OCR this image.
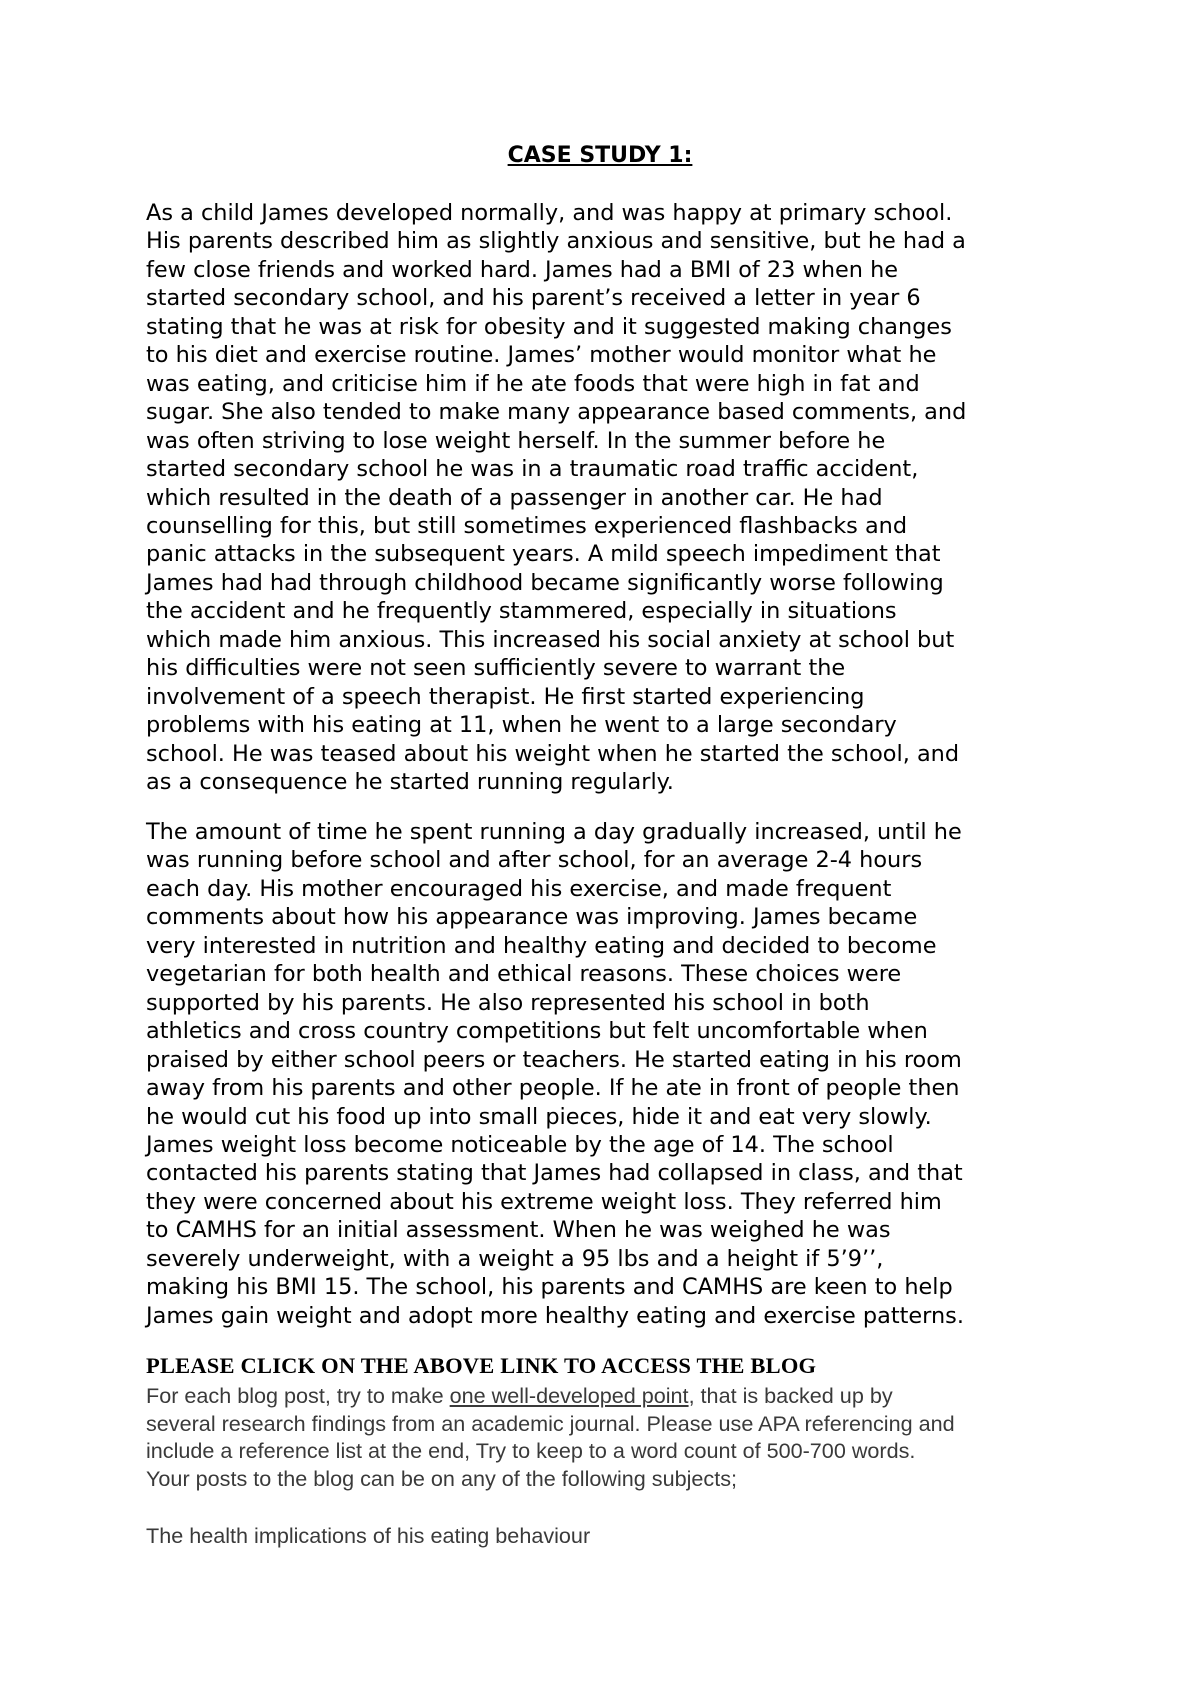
CASE STUDY 1:
As a child James developed normally, and was happy at primary school.
His parents described him as slightly anxious and sensitive, but he had a
few close friends and worked hard. James had a BMI of 23 when he
started secondary school, and his parent’s received a letter in year 6
stating that he was at risk for obesity and it suggested making changes
to his diet and exercise routine. James’ mother would monitor what he
was eating, and criticise him if he ate foods that were high in fat and
sugar. She also tended to make many appearance based comments, and
was often striving to lose weight herself. In the summer before he
started secondary school he was in a traumatic road traffic accident,
which resulted in the death of a passenger in another car. He had
counselling for this, but still sometimes experienced flashbacks and
panic attacks in the subsequent years. A mild speech impediment that
James had had through childhood became significantly worse following
the accident and he frequently stammered, especially in situations
which made him anxious. This increased his social anxiety at school but
his difficulties were not seen sufficiently severe to warrant the
involvement of a speech therapist. He first started experiencing
problems with his eating at 11, when he went to a large secondary
school. He was teased about his weight when he started the school, and
as a consequence he started running regularly.
The amount of time he spent running a day gradually increased, until he
was running before school and after school, for an average 2-4 hours
each day. His mother encouraged his exercise, and made frequent
comments about how his appearance was improving. James became
very interested in nutrition and healthy eating and decided to become
vegetarian for both health and ethical reasons. These choices were
supported by his parents. He also represented his school in both
athletics and cross country competitions but felt uncomfortable when
praised by either school peers or teachers. He started eating in his room
away from his parents and other people. If he ate in front of people then
he would cut his food up into small pieces, hide it and eat very slowly.
James weight loss become noticeable by the age of 14. The school
contacted his parents stating that James had collapsed in class, and that
they were concerned about his extreme weight loss. They referred him
to CAMHS for an initial assessment. When he was weighed he was
severely underweight, with a weight a 95 lbs and a height if 5’9’’,
making his BMI 15. The school, his parents and CAMHS are keen to help
James gain weight and adopt more healthy eating and exercise patterns.
PLEASE CLICK ON THE ABOVE LINK TO ACCESS THE BLOG
For each blog post, try to make one well-developed point, that is backed up by
several research findings from an academic journal. Please use APA referencing and
include a reference list at the end, Try to keep to a word count of 500-700 words.
Your posts to the blog can be on any of the following subjects;

The health implications of his eating behaviour
